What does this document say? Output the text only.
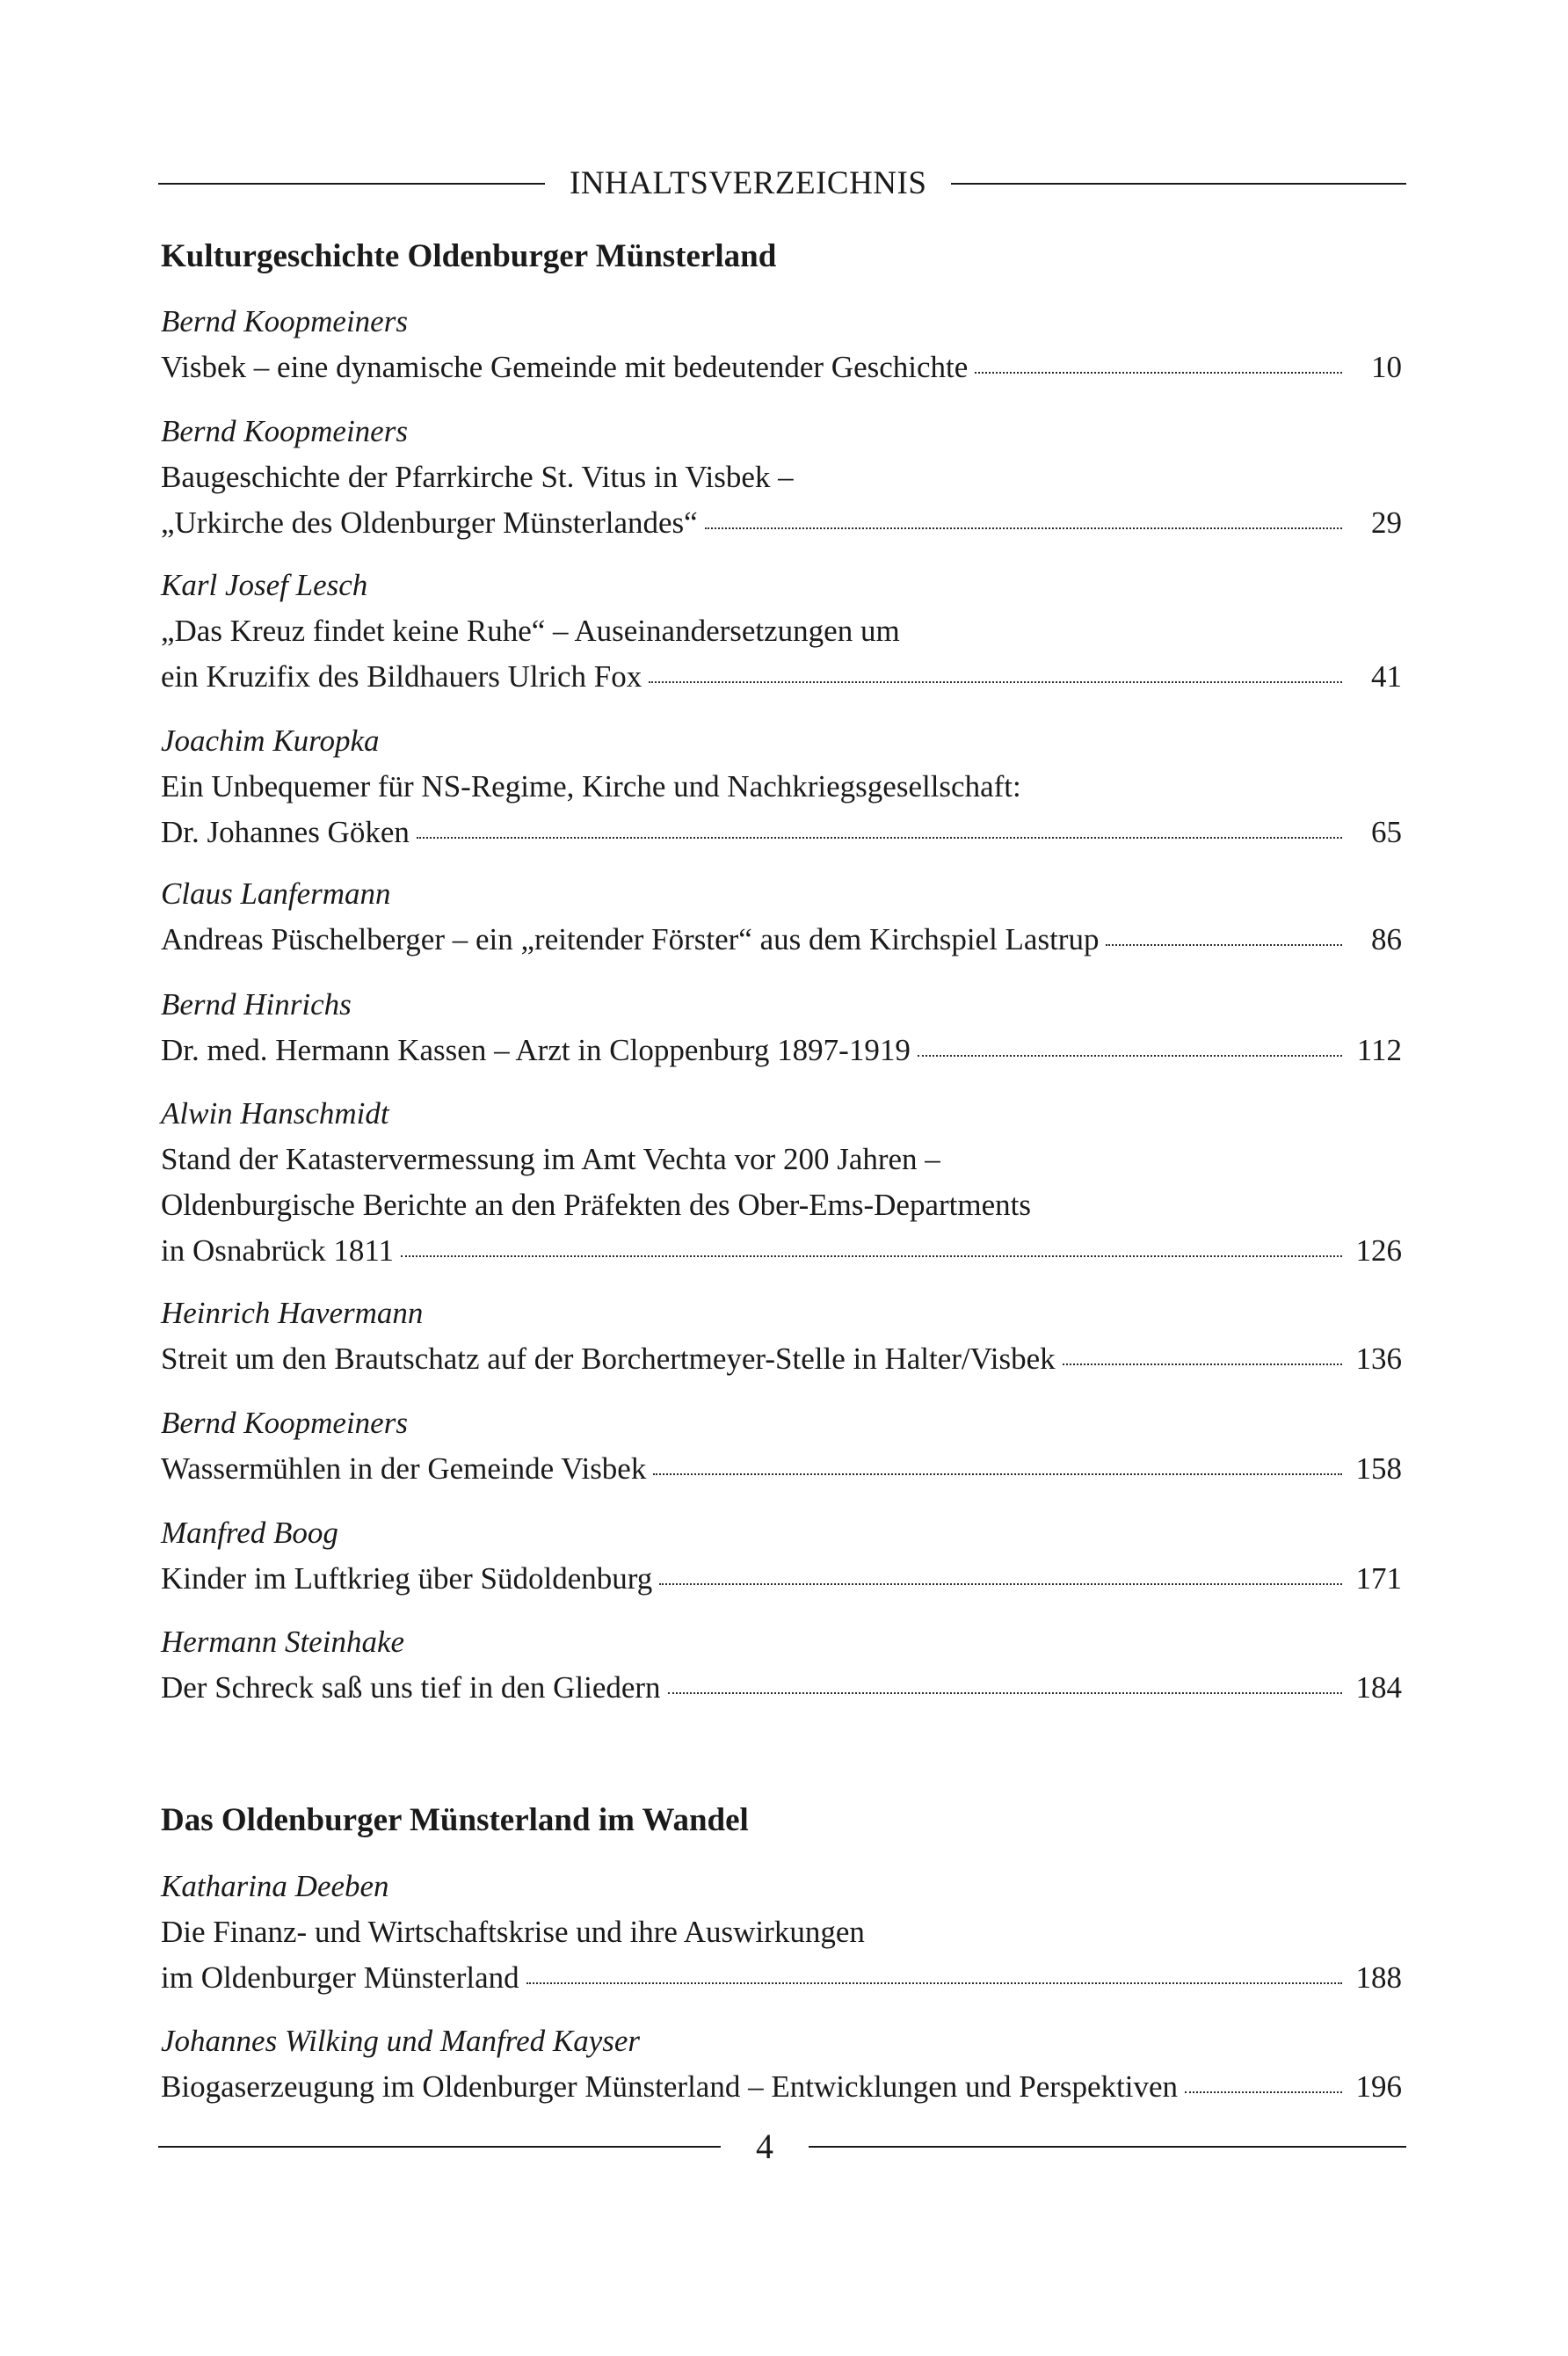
INHALTSVERZEICHNIS
Kulturgeschichte Oldenburger Münsterland
Bernd Koopmeiners
Visbek – eine dynamische Gemeinde mit bedeutender Geschichte	10
Bernd Koopmeiners
Baugeschichte der Pfarrkirche St. Vitus in Visbek –
„Urkirche des Oldenburger Münsterlandes“	29
Karl Josef Lesch
„Das Kreuz findet keine Ruhe“ – Auseinandersetzungen um
ein Kruzifix des Bildhauers Ulrich Fox	41
Joachim Kuropka
Ein Unbequemer für NS-Regime, Kirche und Nachkriegsgesellschaft:
Dr. Johannes Göken	65
Claus Lanfermann
Andreas Püschelberger – ein „reitender Förster“ aus dem Kirchspiel Lastrup	86
Bernd Hinrichs
Dr. med. Hermann Kassen – Arzt in Cloppenburg 1897-1919	112
Alwin Hanschmidt
Stand der Katastervermessung im Amt Vechta vor 200 Jahren –
Oldenburgische Berichte an den Präfekten des Ober-Ems-Departments
in Osnabrück 1811	126
Heinrich Havermann
Streit um den Brautschatz auf der Borchertmeyer-Stelle in Halter/Visbek	136
Bernd Koopmeiners
Wassermühlen in der Gemeinde Visbek	158
Manfred Boog
Kinder im Luftkrieg über Südoldenburg	171
Hermann Steinhake
Der Schreck saß uns tief in den Gliedern	184
Das Oldenburger Münsterland im Wandel
Katharina Deeben
Die Finanz- und Wirtschaftskrise und ihre Auswirkungen
im Oldenburger Münsterland	188
Johannes Wilking und Manfred Kayser
Biogaserzeugung im Oldenburger Münsterland – Entwicklungen und Perspektiven	196
4
